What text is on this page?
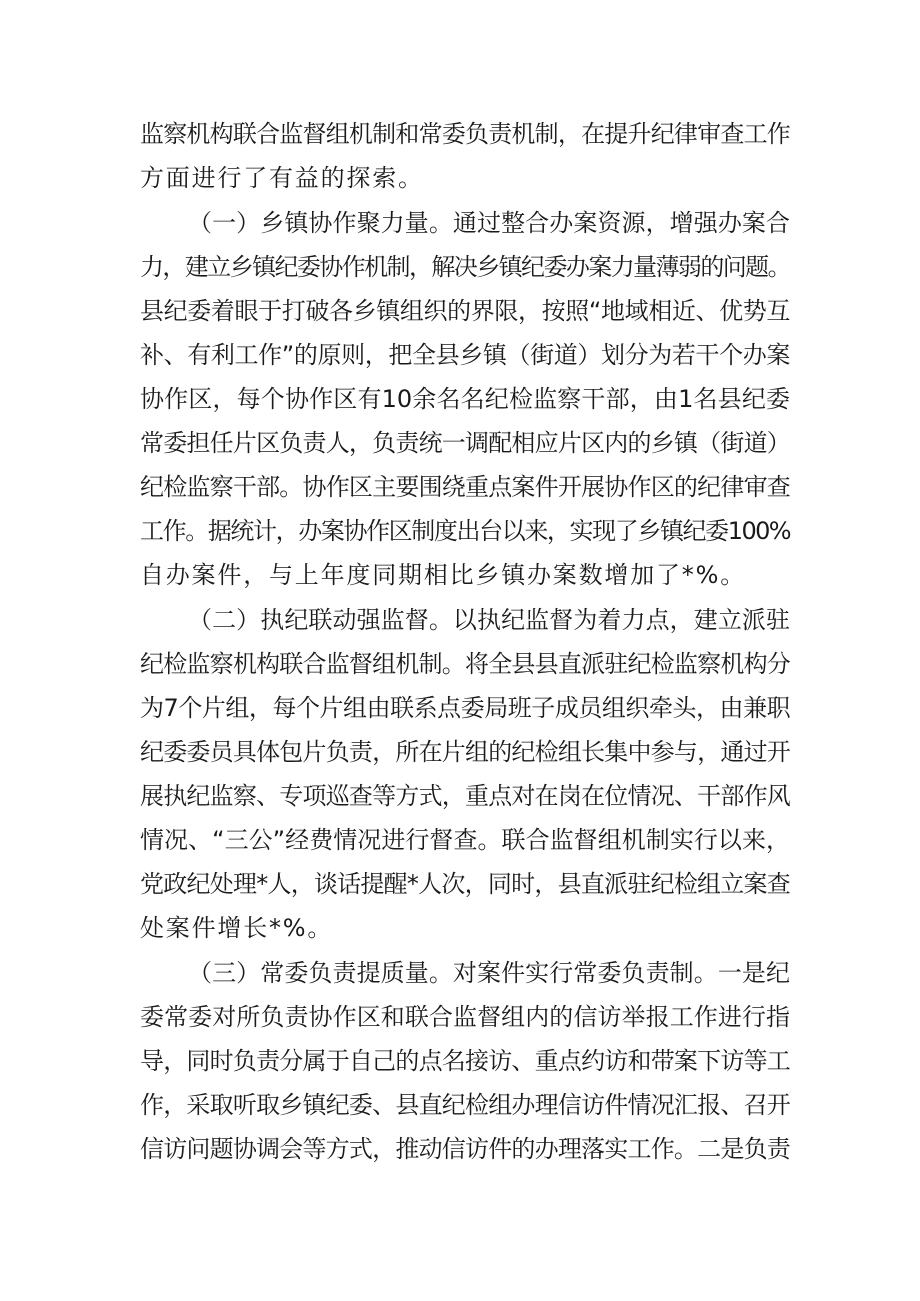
监察机构联合监督组机制和常委负责机制，在提升纪律审查工作
方面进行了有益的探索。
（一）乡镇协作聚力量。通过整合办案资源，增强办案合
力，建立乡镇纪委协作机制，解决乡镇纪委办案力量薄弱的问题。
县纪委着眼于打破各乡镇组织的界限，按照“地域相近、优势互
补、有利工作”的原则，把全县乡镇（街道）划分为若干个办案
协作区，每个协作区有10余名名纪检监察干部，由1名县纪委
常委担任片区负责人，负责统一调配相应片区内的乡镇（街道）
纪检监察干部。协作区主要围绕重点案件开展协作区的纪律审查
工作。据统计，办案协作区制度出台以来，实现了乡镇纪委100%
自办案件，与上年度同期相比乡镇办案数增加了*%。
（二）执纪联动强监督。以执纪监督为着力点，建立派驻
纪检监察机构联合监督组机制。将全县县直派驻纪检监察机构分
为7个片组，每个片组由联系点委局班子成员组织牵头，由兼职
纪委委员具体包片负责，所在片组的纪检组长集中参与，通过开
展执纪监察、专项巡查等方式，重点对在岗在位情况、干部作风
情况、“三公”经费情况进行督查。联合监督组机制实行以来，
党政纪处理*人，谈话提醒*人次，同时，县直派驻纪检组立案查
处案件增长*%。
（三）常委负责提质量。对案件实行常委负责制。一是纪
委常委对所负责协作区和联合监督组内的信访举报工作进行指
导，同时负责分属于自己的点名接访、重点约访和带案下访等工
作，采取听取乡镇纪委、县直纪检组办理信访件情况汇报、召开
信访问题协调会等方式，推动信访件的办理落实工作。二是负责
